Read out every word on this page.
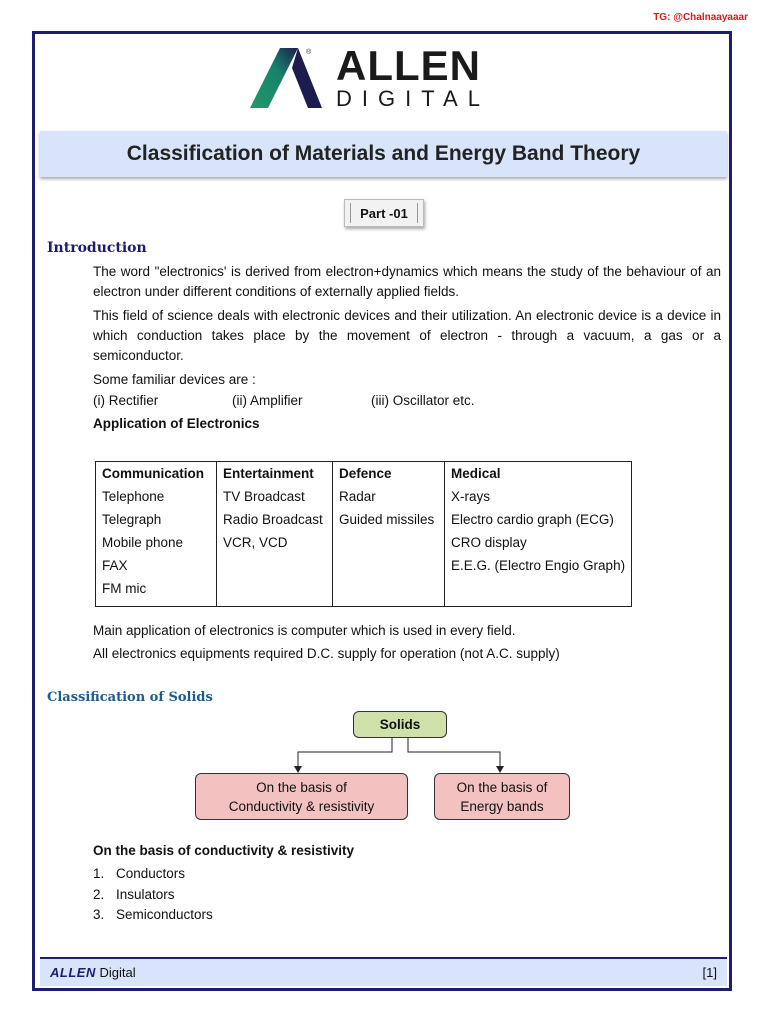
TG: @Chalnaayaaar
® ALLEN
DIGITAL
Classification of Materials and Energy Band Theory
Part -01
Introduction
The word "electronics' is derived from electron+dynamics which means the study of the behaviour of an electron under different conditions of externally applied fields.
This field of science deals with electronic devices and their utilization. An electronic device is a device in which conduction takes place by the movement of electron - through a vacuum, a gas or a semiconductor.
Some familiar devices are :
(i) Rectifier	(ii) Amplifier	(iii) Oscillator etc.
Application of Electronics
Communication	Entertainment	Defence	Medical
Telephone	TV Broadcast	Radar	X-rays
Telegraph	Radio Broadcast	Guided missiles	Electro cardio graph (ECG)
Mobile phone	VCR, VCD		CRO display
FAX			E.E.G. (Electro Engio Graph)
FM mic			
Main application of electronics is computer which is used in every field.
All electronics equipments required D.C. supply for operation (not A.C. supply)
Classification of Solids
Solids
On the basis of
Conductivity & resistivity
On the basis of
Energy bands
On the basis of conductivity & resistivity
1. Conductors
2. Insulators
3. Semiconductors
ALLEN Digital	[1]
